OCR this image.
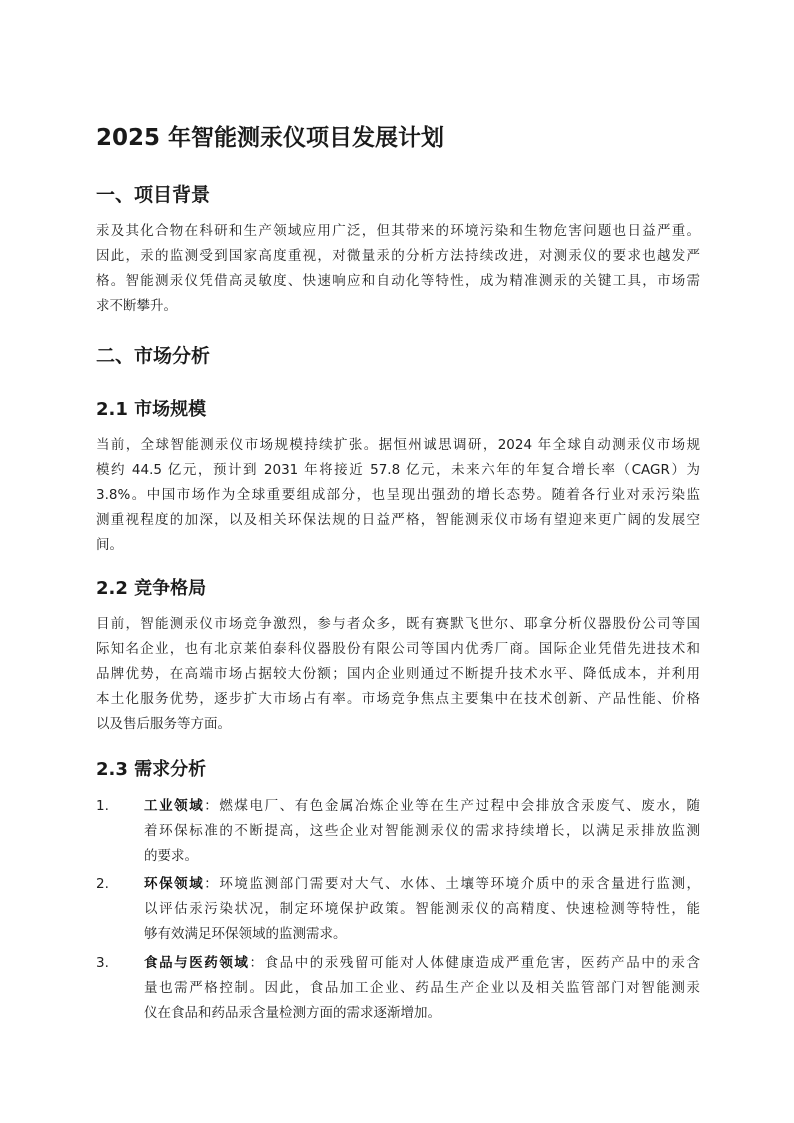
2025 年智能测汞仪项目发展计划
一、项目背景
汞及其化合物在科研和生产领域应用广泛，但其带来的环境污染和生物危害问题也日益严重。
因此，汞的监测受到国家高度重视，对微量汞的分析方法持续改进，对测汞仪的要求也越发严
格。智能测汞仪凭借高灵敏度、快速响应和自动化等特性，成为精准测汞的关键工具，市场需
求不断攀升。
二、市场分析
2.1 市场规模
当前，全球智能测汞仪市场规模持续扩张。据恒州诚思调研，2024 年全球自动测汞仪市场规
模约 44.5 亿元，预计到 2031 年将接近 57.8 亿元，未来六年的年复合增长率（CAGR）为
3.8%。中国市场作为全球重要组成部分，也呈现出强劲的增长态势。随着各行业对汞污染监
测重视程度的加深，以及相关环保法规的日益严格，智能测汞仪市场有望迎来更广阔的发展空
间。
2.2 竞争格局
目前，智能测汞仪市场竞争激烈，参与者众多，既有赛默飞世尔、耶拿分析仪器股份公司等国
际知名企业，也有北京莱伯泰科仪器股份有限公司等国内优秀厂商。国际企业凭借先进技术和
品牌优势，在高端市场占据较大份额；国内企业则通过不断提升技术水平、降低成本，并利用
本土化服务优势，逐步扩大市场占有率。市场竞争焦点主要集中在技术创新、产品性能、价格
以及售后服务等方面。
2.3 需求分析
1.	工业领域：燃煤电厂、有色金属冶炼企业等在生产过程中会排放含汞废气、废水，随
着环保标准的不断提高，这些企业对智能测汞仪的需求持续增长，以满足汞排放监测
的要求。
2.	环保领域：环境监测部门需要对大气、水体、土壤等环境介质中的汞含量进行监测，
以评估汞污染状况，制定环境保护政策。智能测汞仪的高精度、快速检测等特性，能
够有效满足环保领域的监测需求。
3.	食品与医药领域：食品中的汞残留可能对人体健康造成严重危害，医药产品中的汞含
量也需严格控制。因此，食品加工企业、药品生产企业以及相关监管部门对智能测汞
仪在食品和药品汞含量检测方面的需求逐渐增加。
